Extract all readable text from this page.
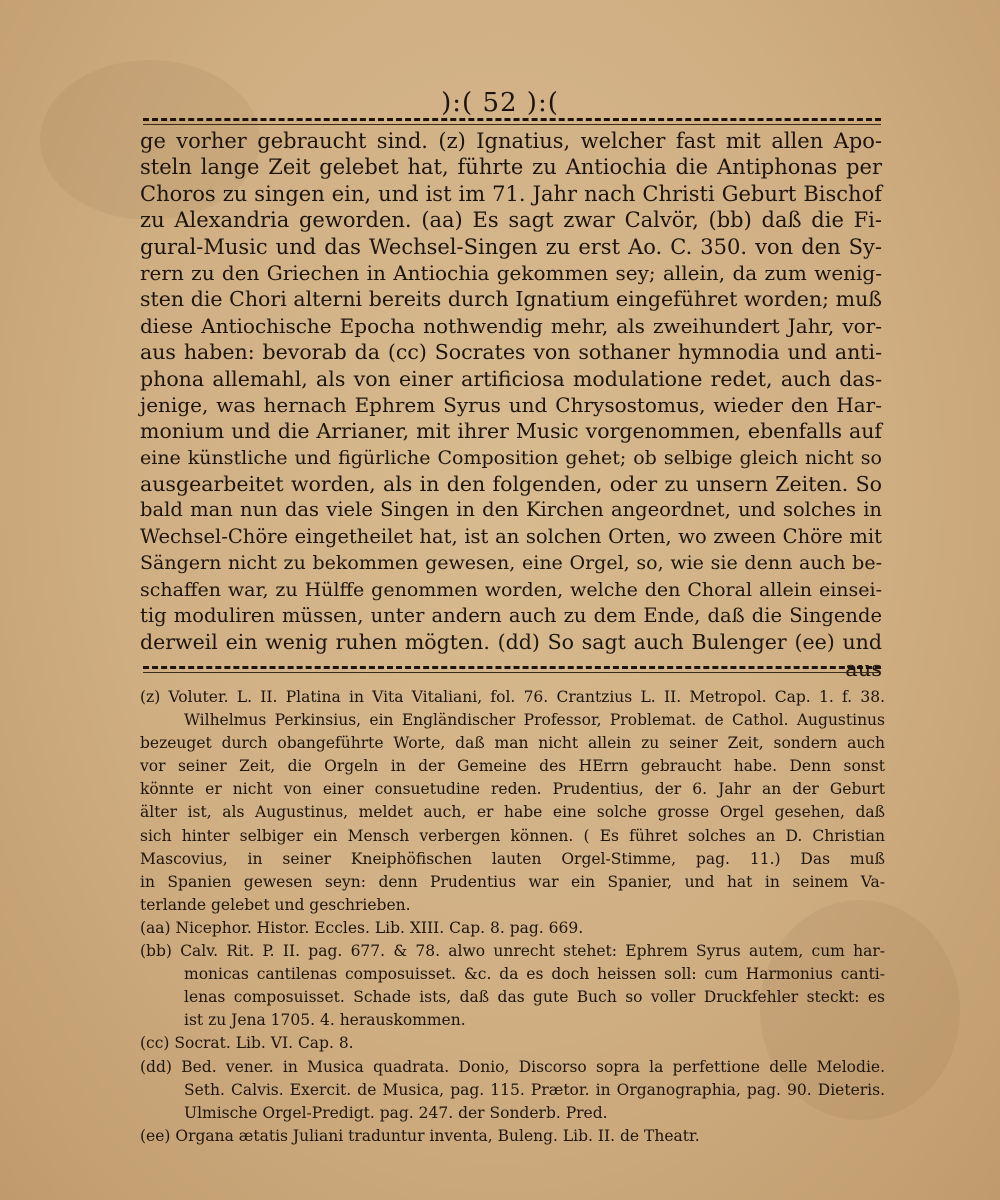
):( 52 ):(
ge vorher gebraucht sind. (z) Ignatius, welcher fast mit allen Apo-
steln lange Zeit gelebet hat, führte zu Antiochia die Antiphonas per
Choros zu singen ein, und ist im 71. Jahr nach Christi Geburt Bischof
zu Alexandria geworden. (aa) Es sagt zwar Calvör, (bb) daß die Fi-
gural-Music und das Wechsel-Singen zu erst Ao. C. 350. von den Sy-
rern zu den Griechen in Antiochia gekommen sey; allein, da zum wenig-
sten die Chori alterni bereits durch Ignatium eingeführet worden; muß
diese Antiochische Epocha nothwendig mehr, als zweihundert Jahr, vor-
aus haben: bevorab da (cc) Socrates von sothaner hymnodia und anti-
phona allemahl, als von einer artificiosa modulatione redet, auch das-
jenige, was hernach Ephrem Syrus und Chrysostomus, wieder den Har-
monium und die Arrianer, mit ihrer Music vorgenommen, ebenfalls auf
eine künstliche und figürliche Composition gehet; ob selbige gleich nicht so
ausgearbeitet worden, als in den folgenden, oder zu unsern Zeiten. So
bald man nun das viele Singen in den Kirchen angeordnet, und solches in
Wechsel-Chöre eingetheilet hat, ist an solchen Orten, wo zween Chöre mit
Sängern nicht zu bekommen gewesen, eine Orgel, so, wie sie denn auch be-
schaffen war, zu Hülffe genommen worden, welche den Choral allein einsei-
tig moduliren müssen, unter andern auch zu dem Ende, daß die Singende
derweil ein wenig ruhen mögten. (dd) So sagt auch Bulenger (ee) und
aus
(z) Voluter. L. II. Platina in Vita Vitaliani, fol. 76. Crantzius L. II. Metropol. Cap. 1. f. 38.
Wilhelmus Perkinsius, ein Engländischer Professor, Problemat. de Cathol. Augustinus
bezeuget durch obangeführte Worte, daß man nicht allein zu seiner Zeit, sondern auch
vor seiner Zeit, die Orgeln in der Gemeine des HErrn gebraucht habe. Denn sonst
könnte er nicht von einer consuetudine reden. Prudentius, der 6. Jahr an der Geburt
älter ist, als Augustinus, meldet auch, er habe eine solche grosse Orgel gesehen, daß
sich hinter selbiger ein Mensch verbergen können. ( Es führet solches an D. Christian
Mascovius, in seiner Kneiphöfischen lauten Orgel-Stimme, pag. 11.) Das muß
in Spanien gewesen seyn: denn Prudentius war ein Spanier, und hat in seinem Va-
terlande gelebet und geschrieben.
(aa) Nicephor. Histor. Eccles. Lib. XIII. Cap. 8. pag. 669.
(bb) Calv. Rit. P. II. pag. 677. & 78. alwo unrecht stehet: Ephrem Syrus autem, cum har-
monicas cantilenas composuisset. &c. da es doch heissen soll: cum Harmonius canti-
lenas composuisset. Schade ists, daß das gute Buch so voller Druckfehler steckt: es
ist zu Jena 1705. 4. herauskommen.
(cc) Socrat. Lib. VI. Cap. 8.
(dd) Bed. vener. in Musica quadrata. Donio, Discorso sopra la perfettione delle Melodie.
Seth. Calvis. Exercit. de Musica, pag. 115. Prætor. in Organographia, pag. 90. Dieteris.
Ulmische Orgel-Predigt. pag. 247. der Sonderb. Pred.
(ee) Organa ætatis Juliani traduntur inventa, Buleng. Lib. II. de Theatr.
